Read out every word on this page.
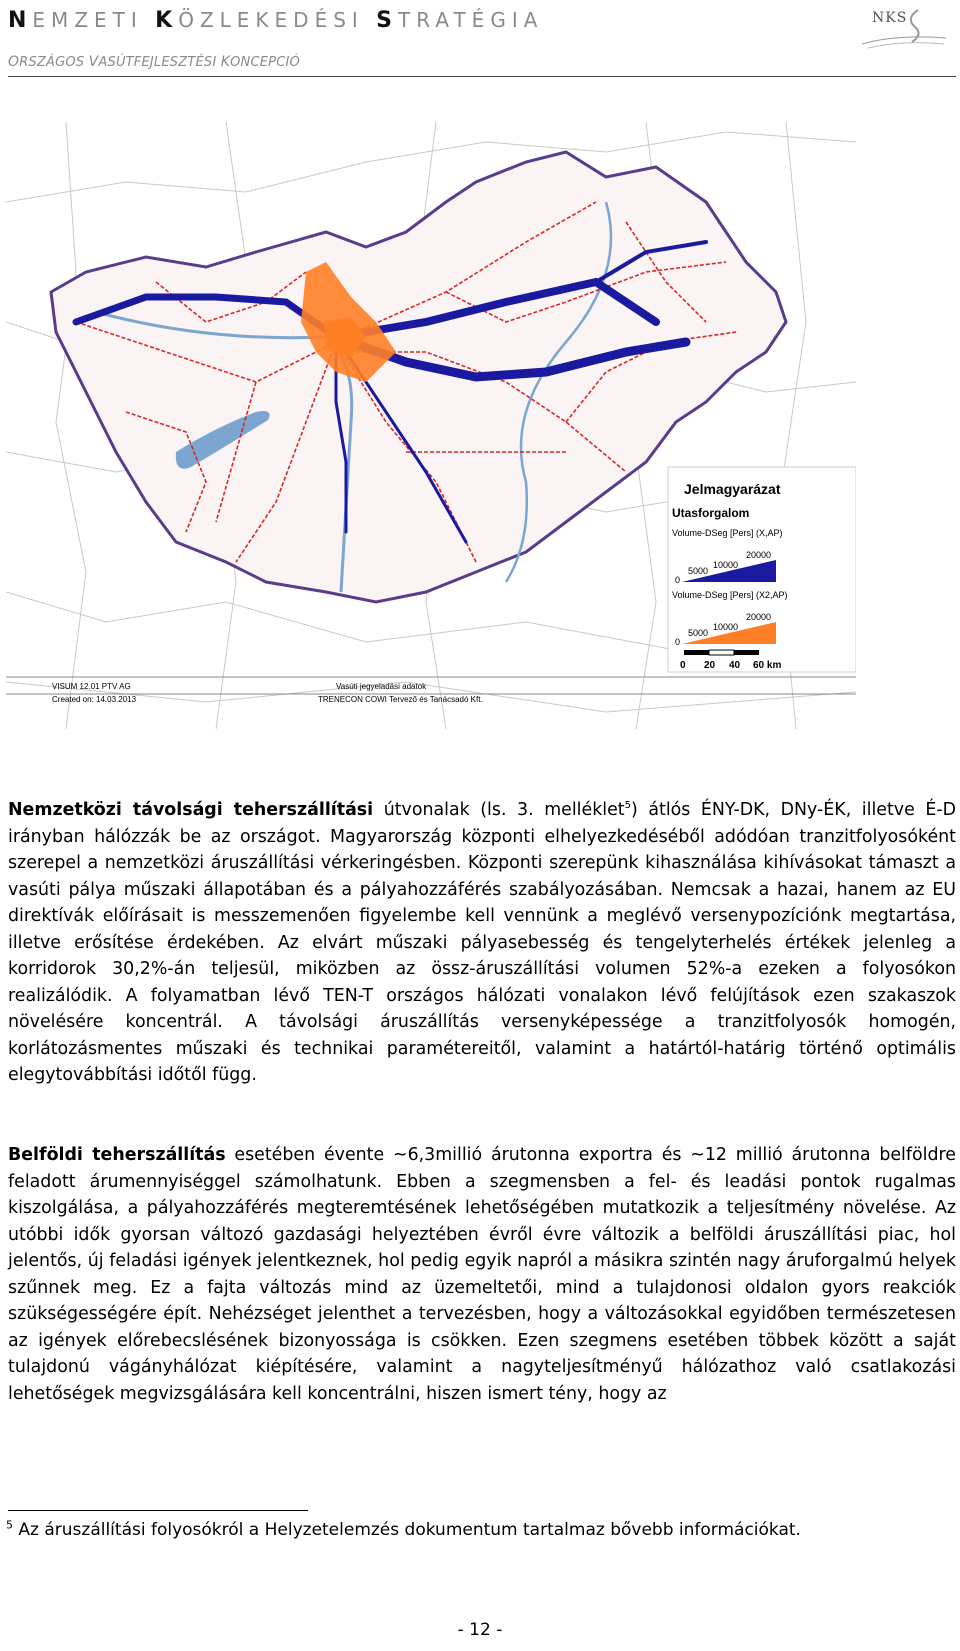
NEMZETI KÖZLEKEDÉSI STRATÉGIA
ORSZÁGOS VASÚTFEJLESZTÉSI KONCEPCIÓ
NKS
Jelmagyarázat
Utasforgalom
Volume-DSeg [Pers] (X,AP)
0
5000
10000
20000
Volume-DSeg [Pers] (X2,AP)
0
5000
10000
20000
0 20 40 60 km
VISUM 12.01 PTV AG
Created on: 14.03.2013
Vasúti jegyeladási adatok
TRENECON COWI Tervező és Tanácsadó Kft.
Nemzetközi távolsági teherszállítási útvonalak (ls. 3. melléklet$^5$) átlós ÉNY-DK, DNy-ÉK, illetve É-D irányban hálózzák be az országot. Magyarország központi elhelyezkedéséből adódóan tranzitfolyosóként szerepel a nemzetközi áruszállítási vérkeringésben. Központi szerepünk kihasználása kihívásokat támaszt a vasúti pálya műszaki állapotában és a pályahozzáférés szabályozásában. Nemcsak a hazai, hanem az EU direktívák előírásait is messzemenően figyelembe kell vennünk a meglévő versenypozíciónk megtartása, illetve erősítése érdekében. Az elvárt műszaki pályasebesség és tengelyterhelés értékek jelenleg a korridorok 30,2%-án teljesül, miközben az össz-áruszállítási volumen 52%-a ezeken a folyosókon realizálódik. A folyamatban lévő TEN-T országos hálózati vonalakon lévő felújítások ezen szakaszok növelésére koncentrál. A távolsági áruszállítás versenyképessége a tranzitfolyosók homogén, korlátozásmentes műszaki és technikai paramétereitől, valamint a határtól-határig történő optimális elegytovábbítási időtől függ.
Belföldi teherszállítás esetében évente ~6,3millió árutonna exportra és ~12 millió árutonna belföldre feladott árumennyiséggel számolhatunk. Ebben a szegmensben a fel- és leadási pontok rugalmas kiszolgálása, a pályahozzáférés megteremtésének lehetőségében mutatkozik a teljesítmény növelése. Az utóbbi idők gyorsan változó gazdasági helyeztében évről évre változik a belföldi áruszállítási piac, hol jelentős, új feladási igények jelentkeznek, hol pedig egyik napról a másikra szintén nagy áruforgalmú helyek szűnnek meg. Ez a fajta változás mind az üzemeltetői, mind a tulajdonosi oldalon gyors reakciók szükségességére épít. Nehézséget jelenthet a tervezésben, hogy a változásokkal egyidőben természetesen az igények előrebecslésének bizonyossága is csökken. Ezen szegmens esetében többek között a saját tulajdonú vágányhálózat kiépítésére, valamint a nagyteljesítményű hálózathoz való csatlakozási lehetőségek megvizsgálására kell koncentrálni, hiszen ismert tény, hogy az
$^5$ Az áruszállítási folyosókról a Helyzetelemzés dokumentum tartalmaz bővebb információkat.
- 12 -
